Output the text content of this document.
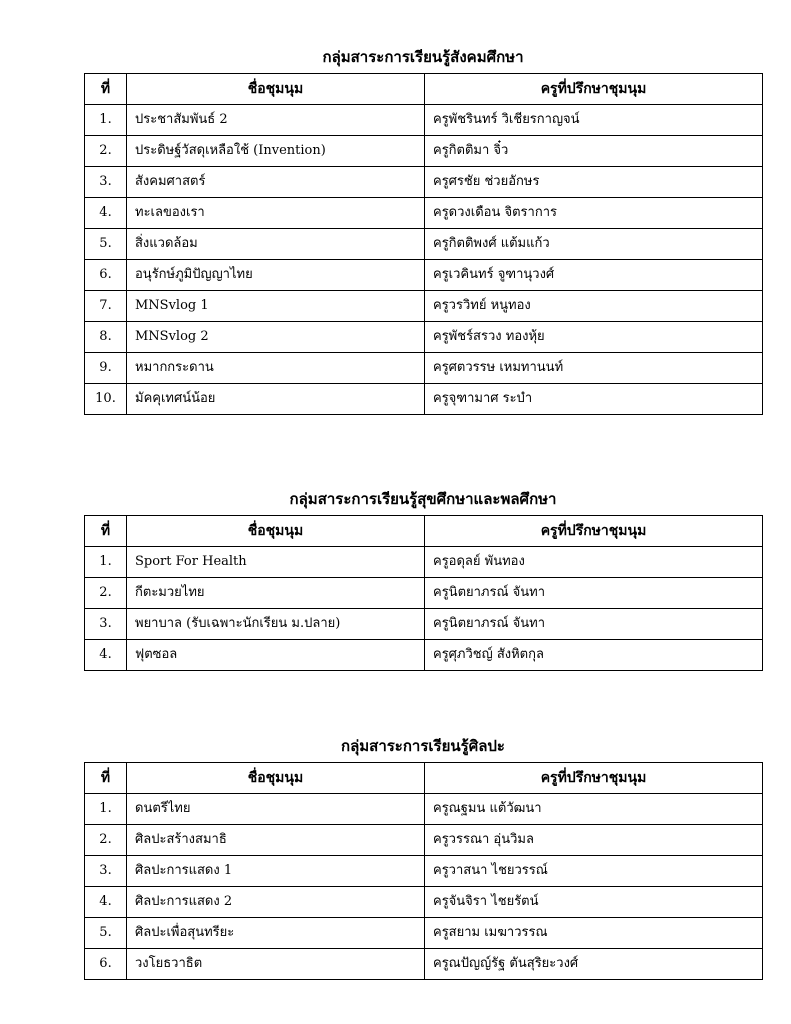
กลุ่มสาระการเรียนรู้สังคมศึกษา
ที่	ชื่อชุมนุม	ครูที่ปรึกษาชุมนุม
1.	ประชาสัมพันธ์ 2	ครูพัชรินทร์ วิเชียรกาญจน์
2.	ประดิษฐ์วัสดุเหลือใช้ (Invention)	ครูกิตติมา จิ๋ว
3.	สังคมศาสตร์	ครูศรชัย ช่วยอักษร
4.	ทะเลของเรา	ครูดวงเดือน จิตราการ
5.	สิ่งแวดล้อม	ครูกิตติพงศ์ แต้มแก้ว
6.	อนุรักษ์ภูมิปัญญาไทย	ครูเวคินทร์ จูฑานุวงศ์
7.	MNSvlog 1	ครูวรวิทย์ หนูทอง
8.	MNSvlog 2	ครูพัชร์สรวง ทองหุ้ย
9.	หมากกระดาน	ครูศตวรรษ เหมทานนท์
10.	มัคคุเทศน์น้อย	ครูจุฑามาศ ระบำ
กลุ่มสาระการเรียนรู้สุขศึกษาและพลศึกษา
ที่	ชื่อชุมนุม	ครูที่ปรึกษาชุมนุม
1.	Sport For Health	ครูอดุลย์ พันทอง
2.	กีตะมวยไทย	ครูนิตยาภรณ์ จันทา
3.	พยาบาล (รับเฉพาะนักเรียน ม.ปลาย)	ครูนิตยาภรณ์ จันทา
4.	ฟุตซอล	ครูศุภวิชญ์ สังหิตกุล
กลุ่มสาระการเรียนรู้ศิลปะ
ที่	ชื่อชุมนุม	ครูที่ปรึกษาชุมนุม
1.	ดนตรีไทย	ครูณฐมน แต้วัฒนา
2.	ศิลปะสร้างสมาธิ	ครูวรรณา อุ่นวิมล
3.	ศิลปะการแสดง 1	ครูวาสนา ไชยวรรณ์
4.	ศิลปะการแสดง 2	ครูจันจิรา ไชยรัตน์
5.	ศิลปะเพื่อสุนทรียะ	ครูสยาม เมฆาวรรณ
6.	วงโยธวาธิต	ครูณปัญญ์รัฐ ตันสุริยะวงศ์
